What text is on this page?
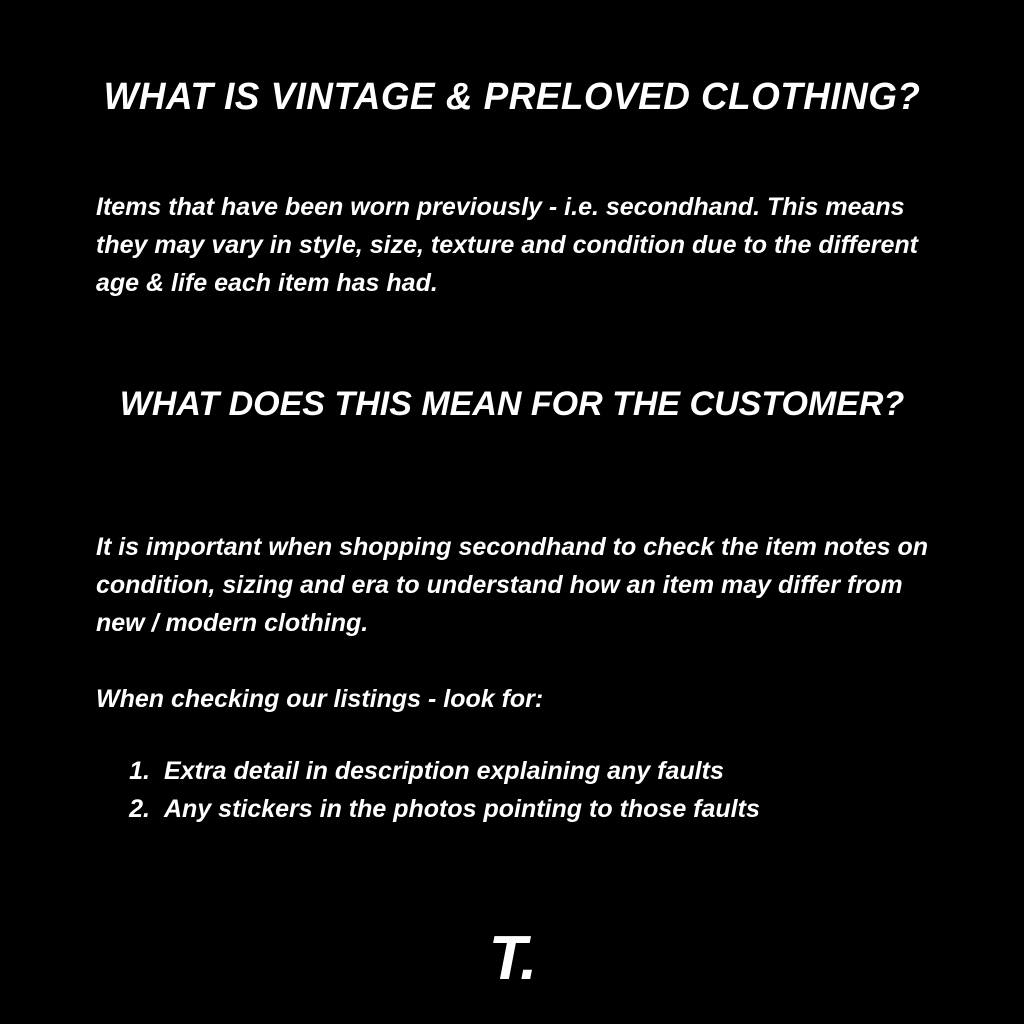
WHAT IS VINTAGE & PRELOVED CLOTHING?

Items that have been worn previously - i.e. secondhand. This means they may vary in style, size, texture and condition due to the different age & life each item has had.

WHAT DOES THIS MEAN FOR THE CUSTOMER?

It is important when shopping secondhand to check the item notes on condition, sizing and era to understand how an item may differ from new / modern clothing.

When checking our listings - look for:

1. Extra detail in description explaining any faults
2. Any stickers in the photos pointing to those faults
T.
